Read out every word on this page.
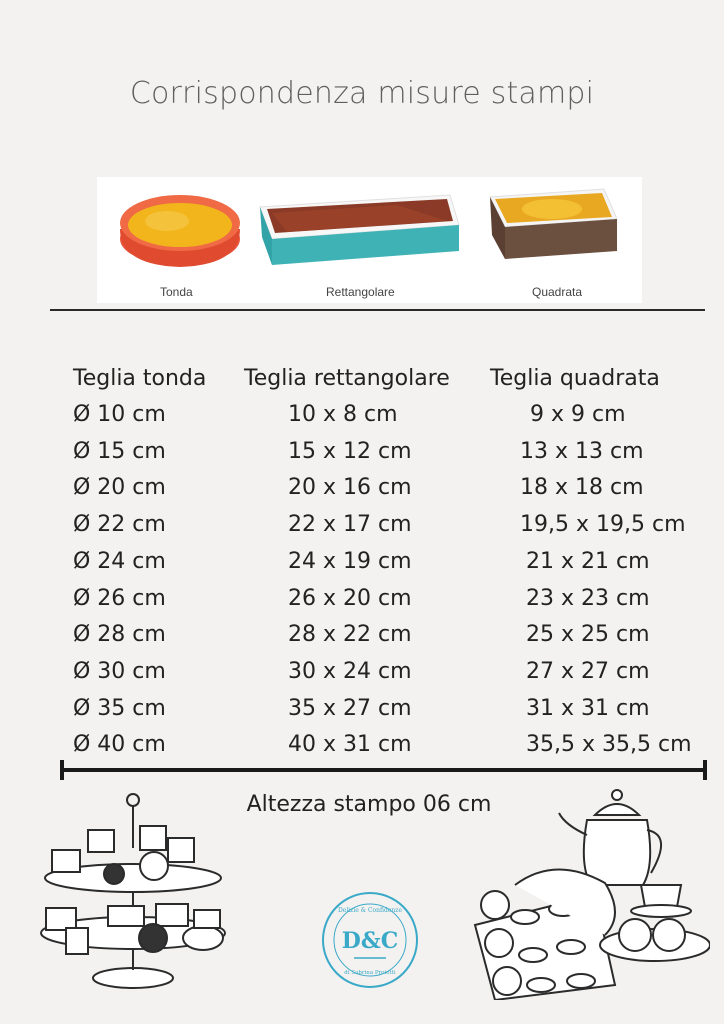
Corrispondenza misure stampi
Tonda	Rettangolare	Quadrata
Teglia tonda Teglia rettangolare Teglia quadrata
Ø 10 cm	10 x 8 cm	9 x 9 cm
Ø 15 cm	15 x 12 cm	13 x 13 cm
Ø 20 cm	20 x 16 cm	18 x 18 cm
Ø 22 cm	22 x 17 cm	19,5 x 19,5 cm
Ø 24 cm	24 x 19 cm	21 x 21 cm
Ø 26 cm	26 x 20 cm	23 x 23 cm
Ø 28 cm	28 x 22 cm	25 x 25 cm
Ø 30 cm	30 x 24 cm	27 x 27 cm
Ø 35 cm	35 x 27 cm	31 x 31 cm
Ø 40 cm	40 x 31 cm	35,5 x 35,5 cm
Altezza stampo 06 cm
D&C
Delizie & Confidenze
di Sabrina Proietti
